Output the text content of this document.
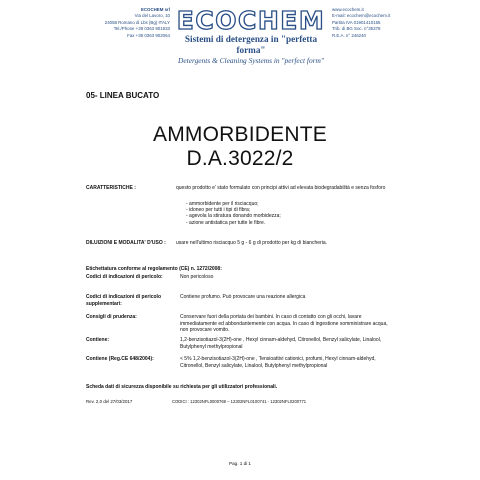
ECOCHEM srl
Via del Lavoro, 10
24058 Romano di Lbs (Bg) ITALY
Tel./Phone +39 0363 901933
Fax +39 0363 902064
ECOCHEM
Sistemi di detergenza in "perfetta forma"
Detergents & Cleaning Systems in "perfect form"
www.ecochem.it
E-mail: ecochem@ecochem.it
Partita IVA 01901410165
Trib. di BG Soc. n°35378
R.E.A. n° 246240
05- LINEA BUCATO
AMMORBIDENTE
D.A.3022/2
CARATTERISTICHE :	questo prodotto e' stato formulato con principi attivi ad elevata biodegradabilità e senza fosforo
- ammorbidente per il risciacquo;
- idoneo per tutti i tipi di fibra;
- agevola la stiratura donando morbidezza;
- azione antistatica per tutte le fibre.
DILUIZIONI E MODALITA' D'USO : usare nell'ultimo risciacquo 5 g - 6 g di prodotto per kg di biancheria.
Etichettatura conforme al regolamento (CE) n. 1272/2008:
Codici di indicazioni di pericolo:	Non pericoloso
Codici di indicazioni di pericolo supplementari:
Contiene profumo. Può provocare una reazione allergica
Consigli di prudenza:	Conservare fuori della portata dei bambini. In caso di contatto con gli occhi, lavare immediatamente ed abbondantemente con acqua. In caso di ingestione somministrare acqua, non provocare vomito.
Contiene:	1,2-benzisotiazol-3(2H)-one , Hexyl cinnam-aldehyd, Citronellol, Benzyl salicylate, Linalool, Butylphenyl methylpropional
Contiene (Reg.CE 648/2004):	< 5% 1,2-benzisotiazol-3(2H)-one , Tensioattivi cationici, profumi, Hexyl cinnam-aldehyd, Citronellol, Benzyl salicylate, Linalool, Butylphenyl methylpropional
Scheda dati di sicurezza disponibile su richiesta per gli utilizzatori professionali.
Rev. 2.0 del 27/03/2017	CODICI : 12302NFL0000769 – 12302NFL0100741 - 12302NFL0200771
Pag. 1 di 1
